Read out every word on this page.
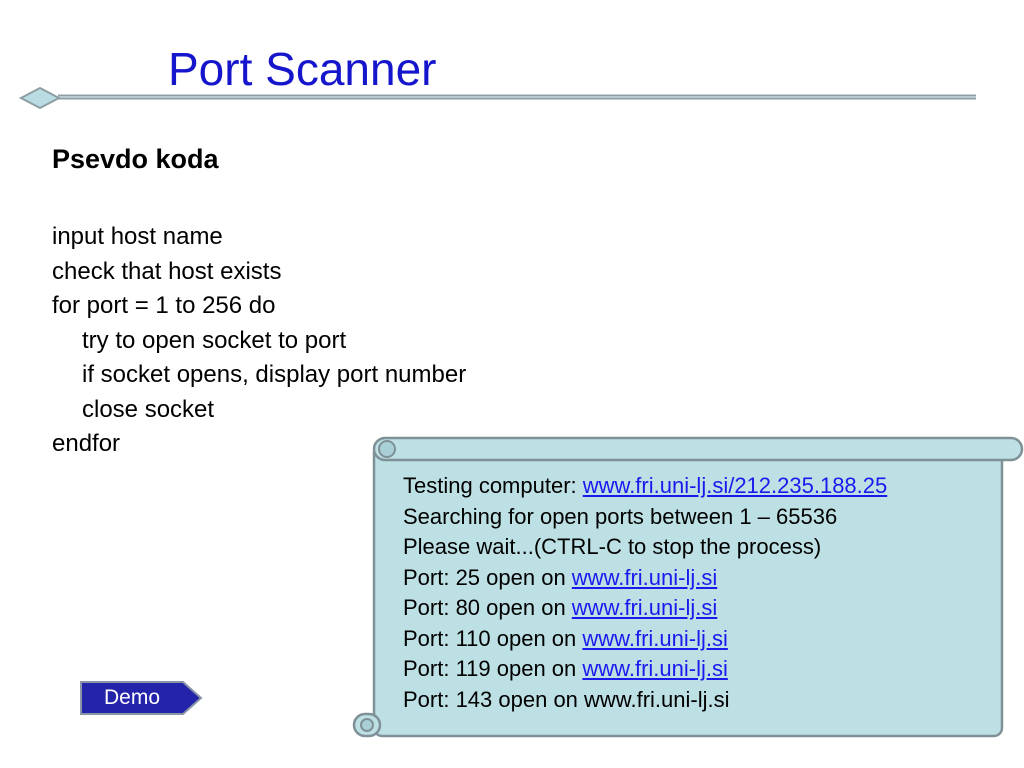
Port Scanner
Psevdo koda
input host name
check that host exists
for port = 1 to 256 do
try to open socket to port
if socket opens, display port number
close socket
endfor
Testing computer: www.fri.uni-lj.si/212.235.188.25
Searching for open ports between 1 – 65536
Please wait...(CTRL-C to stop the process)
Port: 25 open on www.fri.uni-lj.si
Port: 80 open on www.fri.uni-lj.si
Port: 110 open on www.fri.uni-lj.si
Port: 119 open on www.fri.uni-lj.si
Port: 143 open on www.fri.uni-lj.si
Demo
